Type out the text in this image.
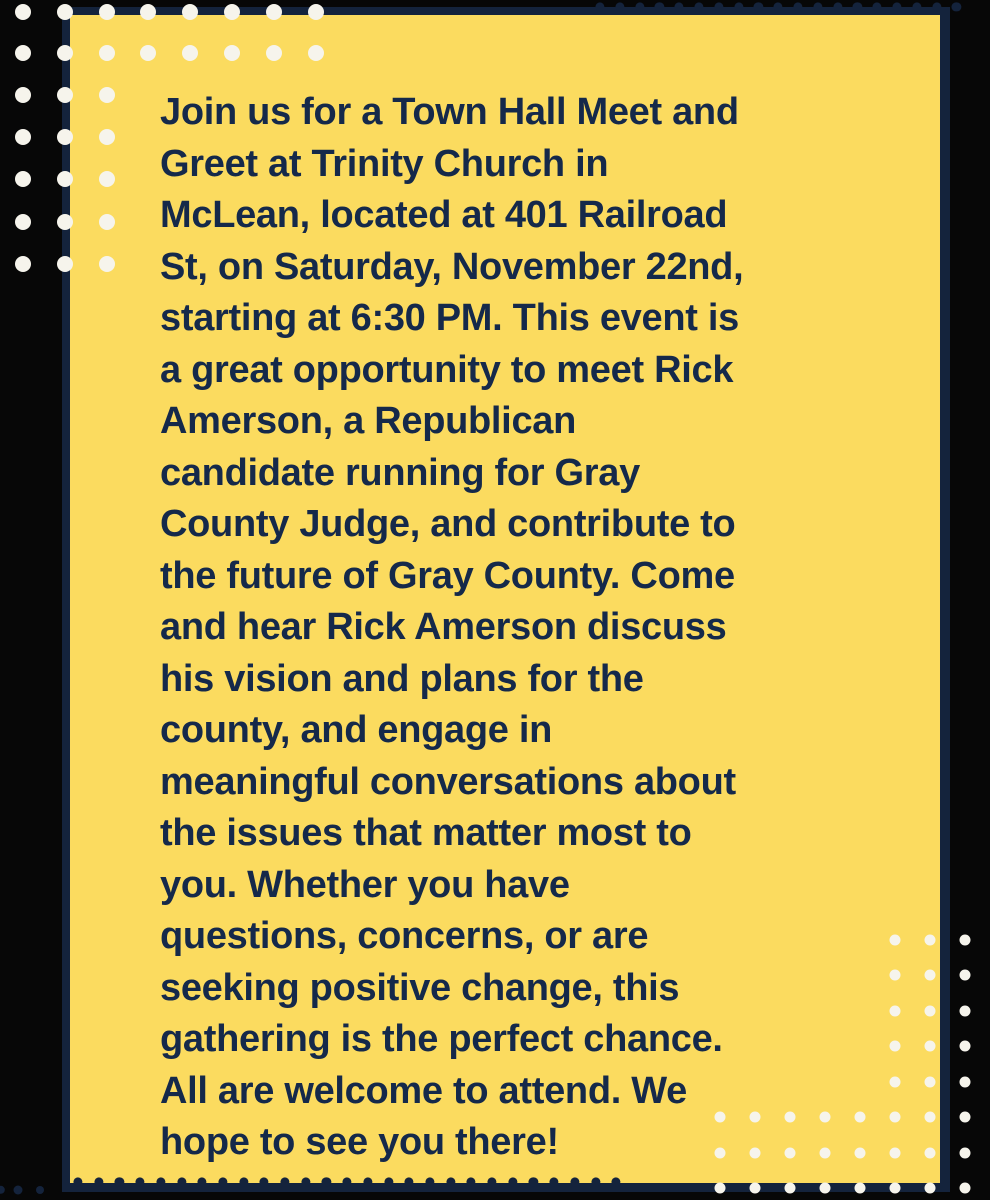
Join us for a Town Hall Meet and
Greet at Trinity Church in
McLean, located at 401 Railroad
St, on Saturday, November 22nd,
starting at 6:30 PM. This event is
a great opportunity to meet Rick
Amerson, a Republican
candidate running for Gray
County Judge, and contribute to
the future of Gray County. Come
and hear Rick Amerson discuss
his vision and plans for the
county, and engage in
meaningful conversations about
the issues that matter most to
you. Whether you have
questions, concerns, or are
seeking positive change, this
gathering is the perfect chance.
All are welcome to attend. We
hope to see you there!
